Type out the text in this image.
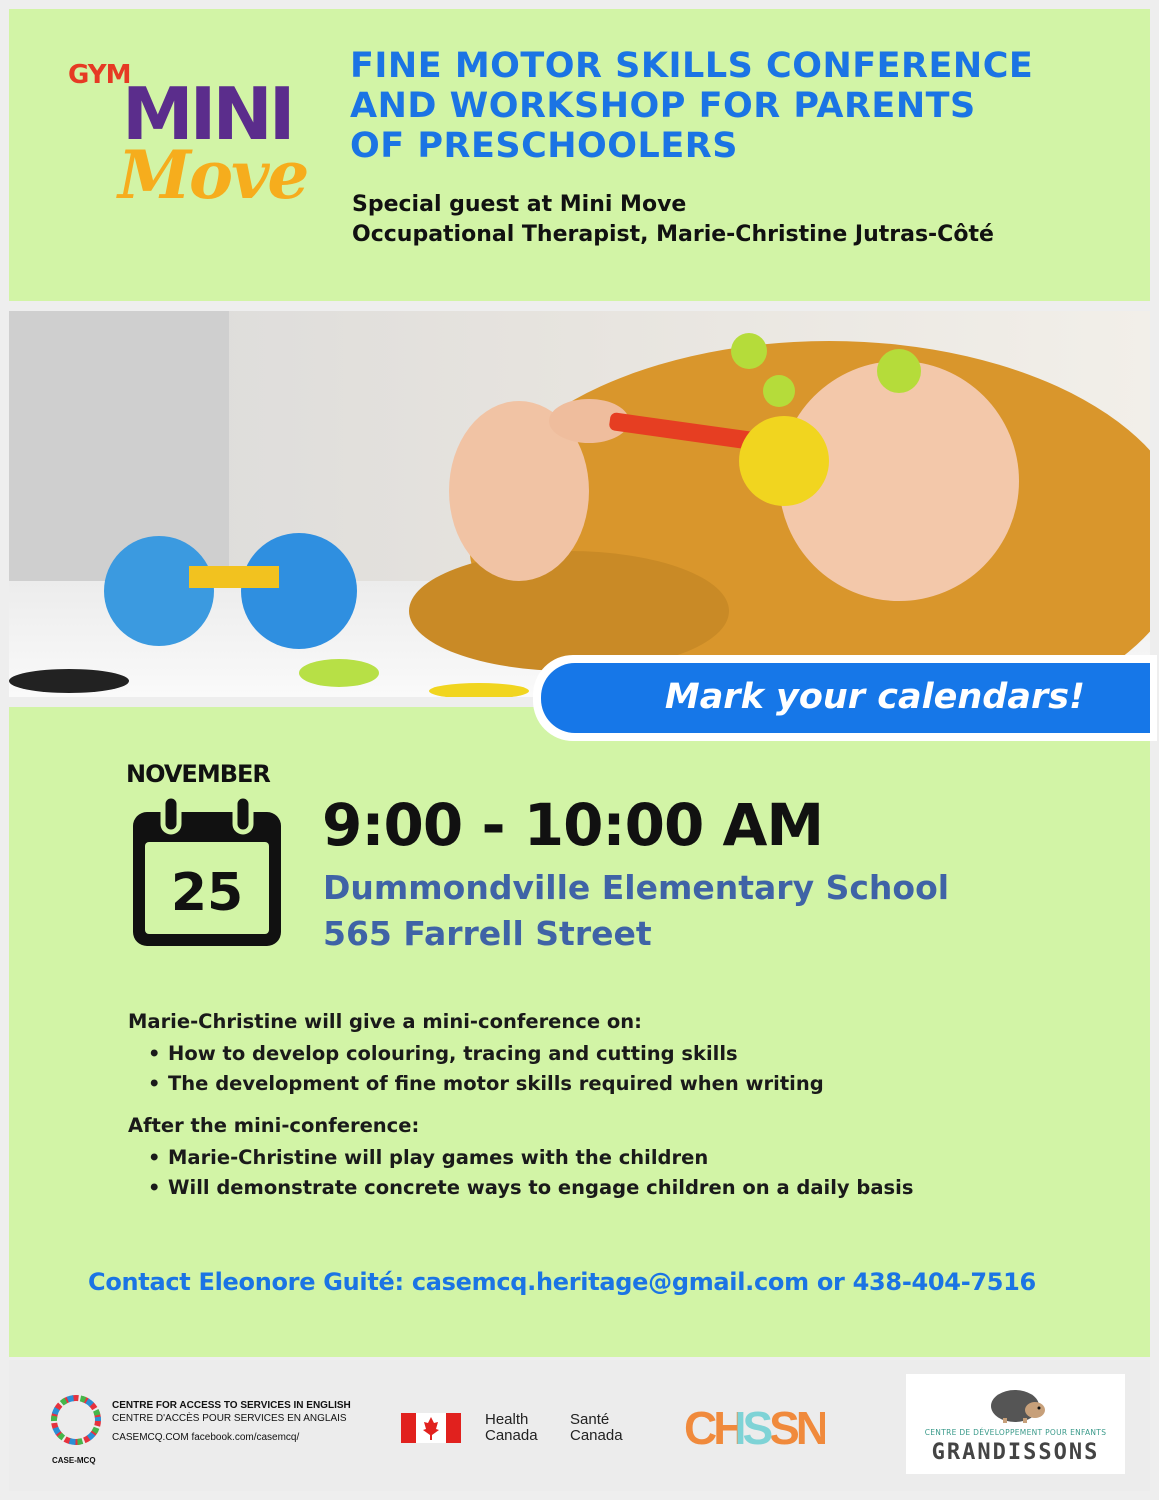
GYM
MINI
Move
FINE MOTOR SKILLS CONFERENCE
AND WORKSHOP FOR PARENTS
OF PRESCHOOLERS
Special guest at Mini Move
Occupational Therapist, Marie-Christine Jutras-Côté
Mark your calendars!
NOVEMBER
25
9:00 - 10:00 AM
Dummondville Elementary School
565 Farrell Street
Marie-Christine will give a mini-conference on:
• How to develop colouring, tracing and cutting skills
• The development of fine motor skills required when writing
After the mini-conference:
• Marie-Christine will play games with the children
• Will demonstrate concrete ways to engage children on a daily basis
Contact Eleonore Guité: casemcq.heritage@gmail.com or 438-404-7516
CASE-MCQ
CENTRE FOR ACCESS TO SERVICES IN ENGLISH
CENTRE D'ACCÈS POUR SERVICES EN ANGLAIS
CASEMCQ.COM facebook.com/casemcq/
Health
Canada
Santé
Canada CHSSN	CENTRE DE DÉVELOPPEMENT POUR ENFANTS
GRANDISSONS
